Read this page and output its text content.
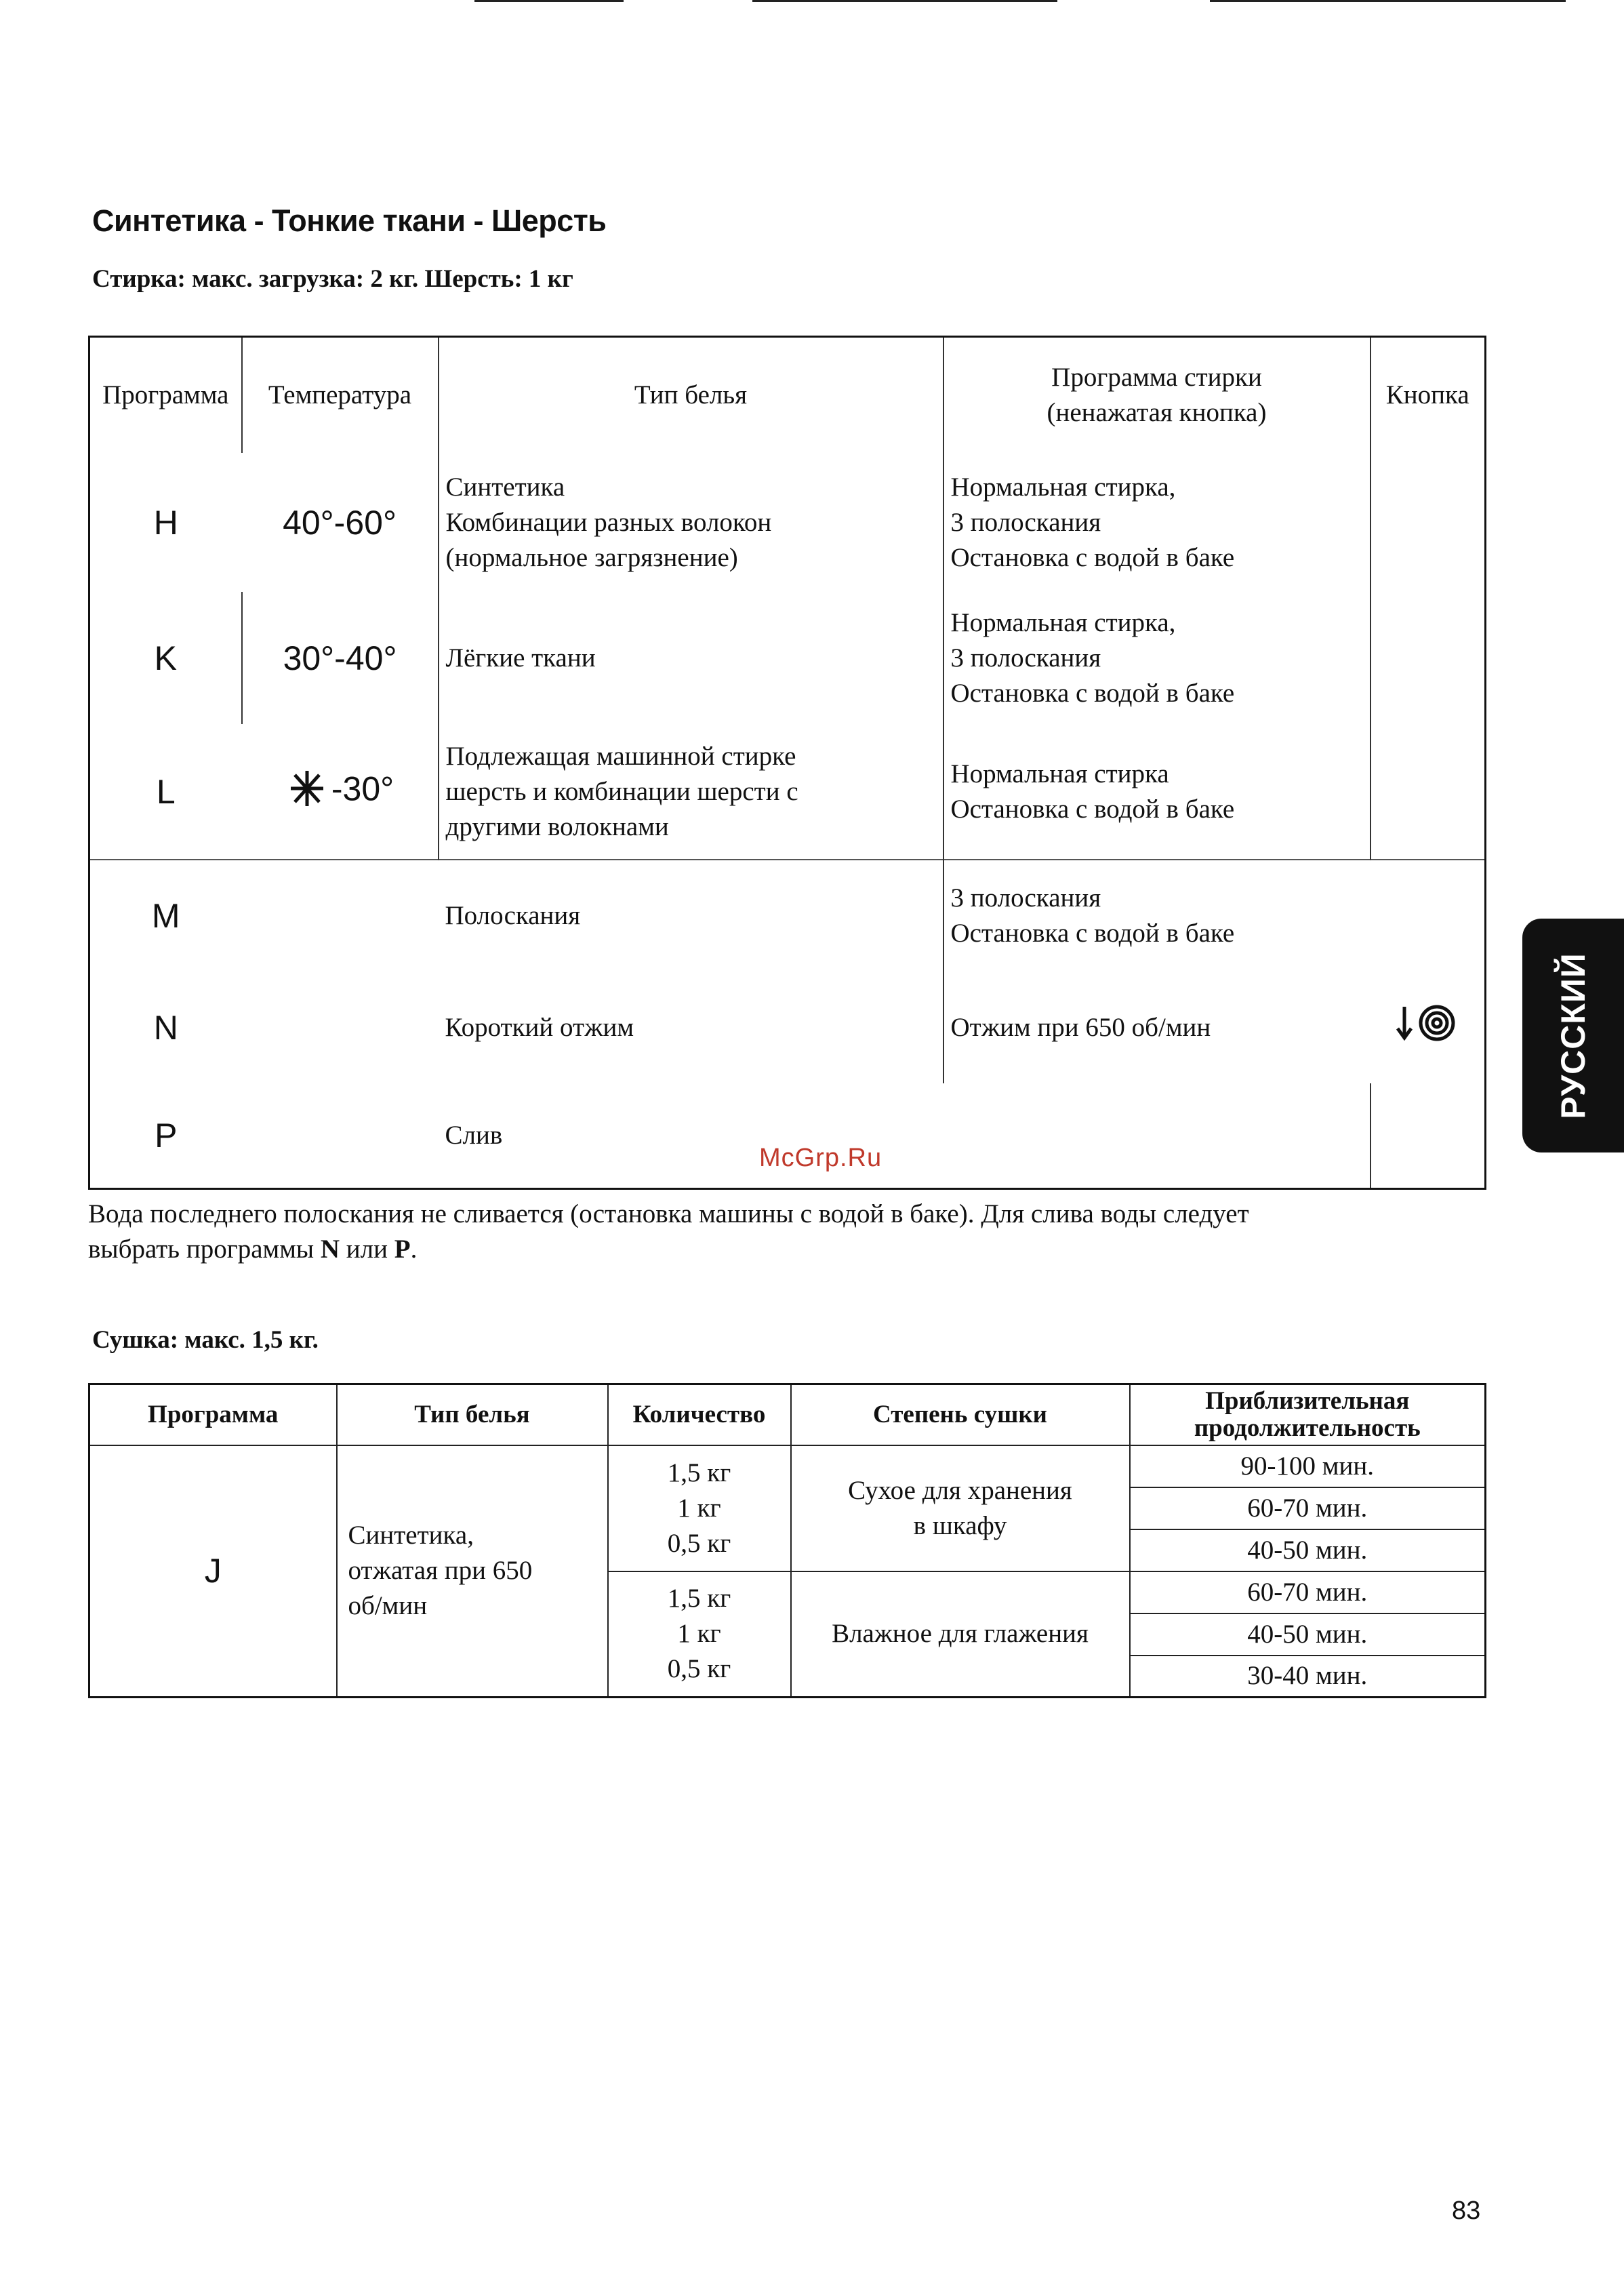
Синтетика - Тонкие ткани - Шерсть
Стирка: макс. загрузка: 2 кг. Шерсть: 1 кг
Программа	Температура	Тип белья	Программа стирки
(ненажатая кнопка)	Кнопка
H	40°-60°	Синтетика
Комбинации разных волокон
(нормальное загрязнение)	Нормальная стирка,
3 полоскания
Остановка с водой в баке	

K	30°-40°	Лёгкие ткани	Нормальная стирка,
3 полоскания
Остановка с водой в баке	

L	-30°	Подлежащая машинной стирке
шерсть и комбинации шерсти с
другими волокнами	Нормальная стирка
Остановка с водой в баке	

M		Полоскания	3 полоскания
Остановка с водой в баке	

N		Короткий отжим	Отжим при 650 об/мин

P		Слив		

McGrp.Ru
Вода последнего полоскания не сливается (остановка машины с водой в баке). Для слива воды следует
выбрать программы N или P.
Сушка: макс. 1,5 кг.
Программа	Тип белья	Количество	Степень сушки	Приблизительная
продолжительность

J	Синтетика,
отжатая при 650
об/мин	1,5 кг
1 кг
0,5 кг	Сухое для хранения
в шкафу	90-100 мин.
				60-70 мин.
				40-50 мин.

		1,5 кг
1 кг
0,5 кг	Влажное для глажения	60-70 мин.
				40-50 мин.
				30-40 мин.
РУССКИЙ
83
